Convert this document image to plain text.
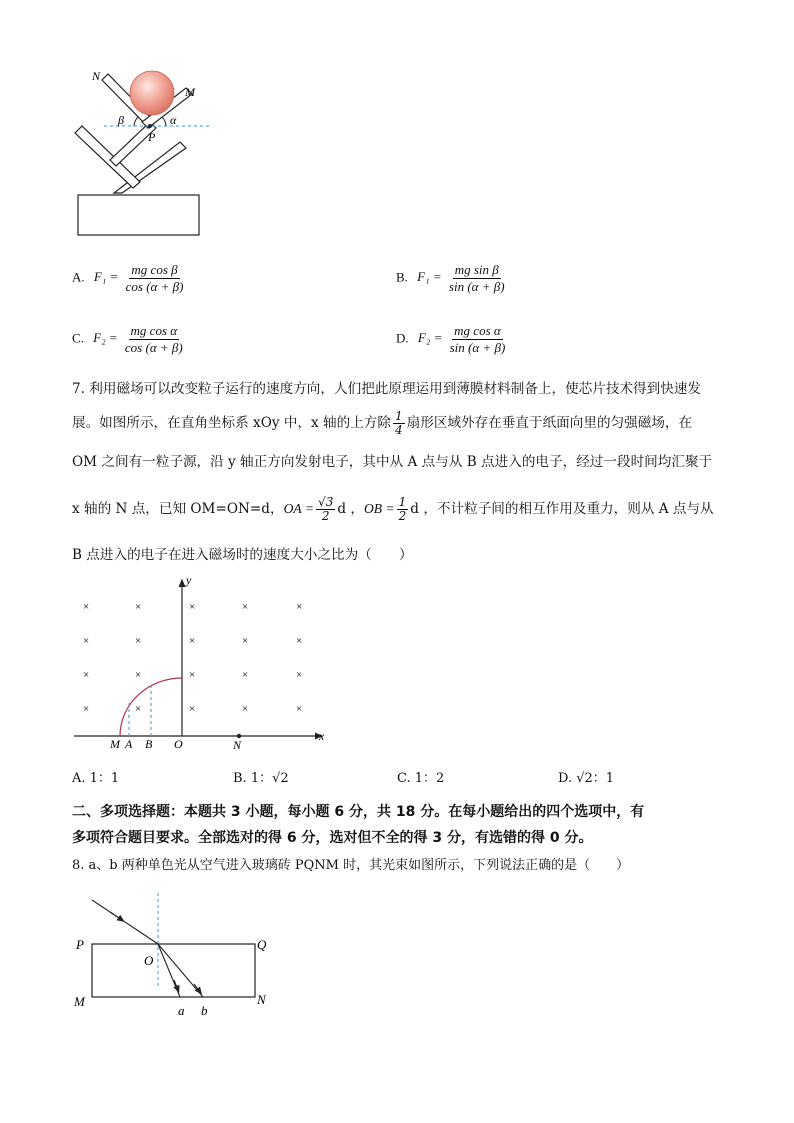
N
M
β	α
P
A. $F_1 = \frac{\text{mg cos β}}{\cos (\alpha + \beta)}$	B. $F_1 = \frac{\text{mg sin β}}{\sin (\alpha + \beta)}$
C. $F_2 = \frac{\text{mg cos α}}{\cos (\alpha + \beta)}$	D. $F_2 = \frac{\text{mg cos α}}{\sin (\alpha + \beta)}$
7. 利用磁场可以改变粒子运行的速度方向，人们把此原理运用到薄膜材料制备上，使芯片技术得到快速发
展。如图所示，在直角坐标系 xOy 中，x 轴的上方除 $\frac{1}{4}$ 扇形区域外存在垂直于纸面向里的匀强磁场，在
OM 之间有一粒子源，沿 y 轴正方向发射电子，其中从 A 点与从 B 点进入的电子，经过一段时间均汇聚于
x 轴的 N 点，已知 OM=ON=d，OA = $\frac{√3}{2}$ d ，OB = $\frac{1}{2}$ d ，不计粒子间的相互作用及重力，则从 A 点与从
B 点进入的电子在进入磁场时的速度大小之比为（　　）
×	×	×	×	×
×	×	×	×	×
×	×	×	×	×
×	×	×	×	×
y
x
M A B O	N
A. 1：1	B. 1：√2	C. 1：2	D. √2：1
二、多项选择题：本题共 3 小题，每小题 6 分，共 18 分。在每小题给出的四个选项中，有
多项符合题目要求。全部选对的得 6 分，选对但不全的得 3 分，有选错的得 0 分。
8. a、b 两种单色光从空气进入玻璃砖 PQNM 时，其光束如图所示，下列说法正确的是（　　）
P	Q
O
M	N
a b
